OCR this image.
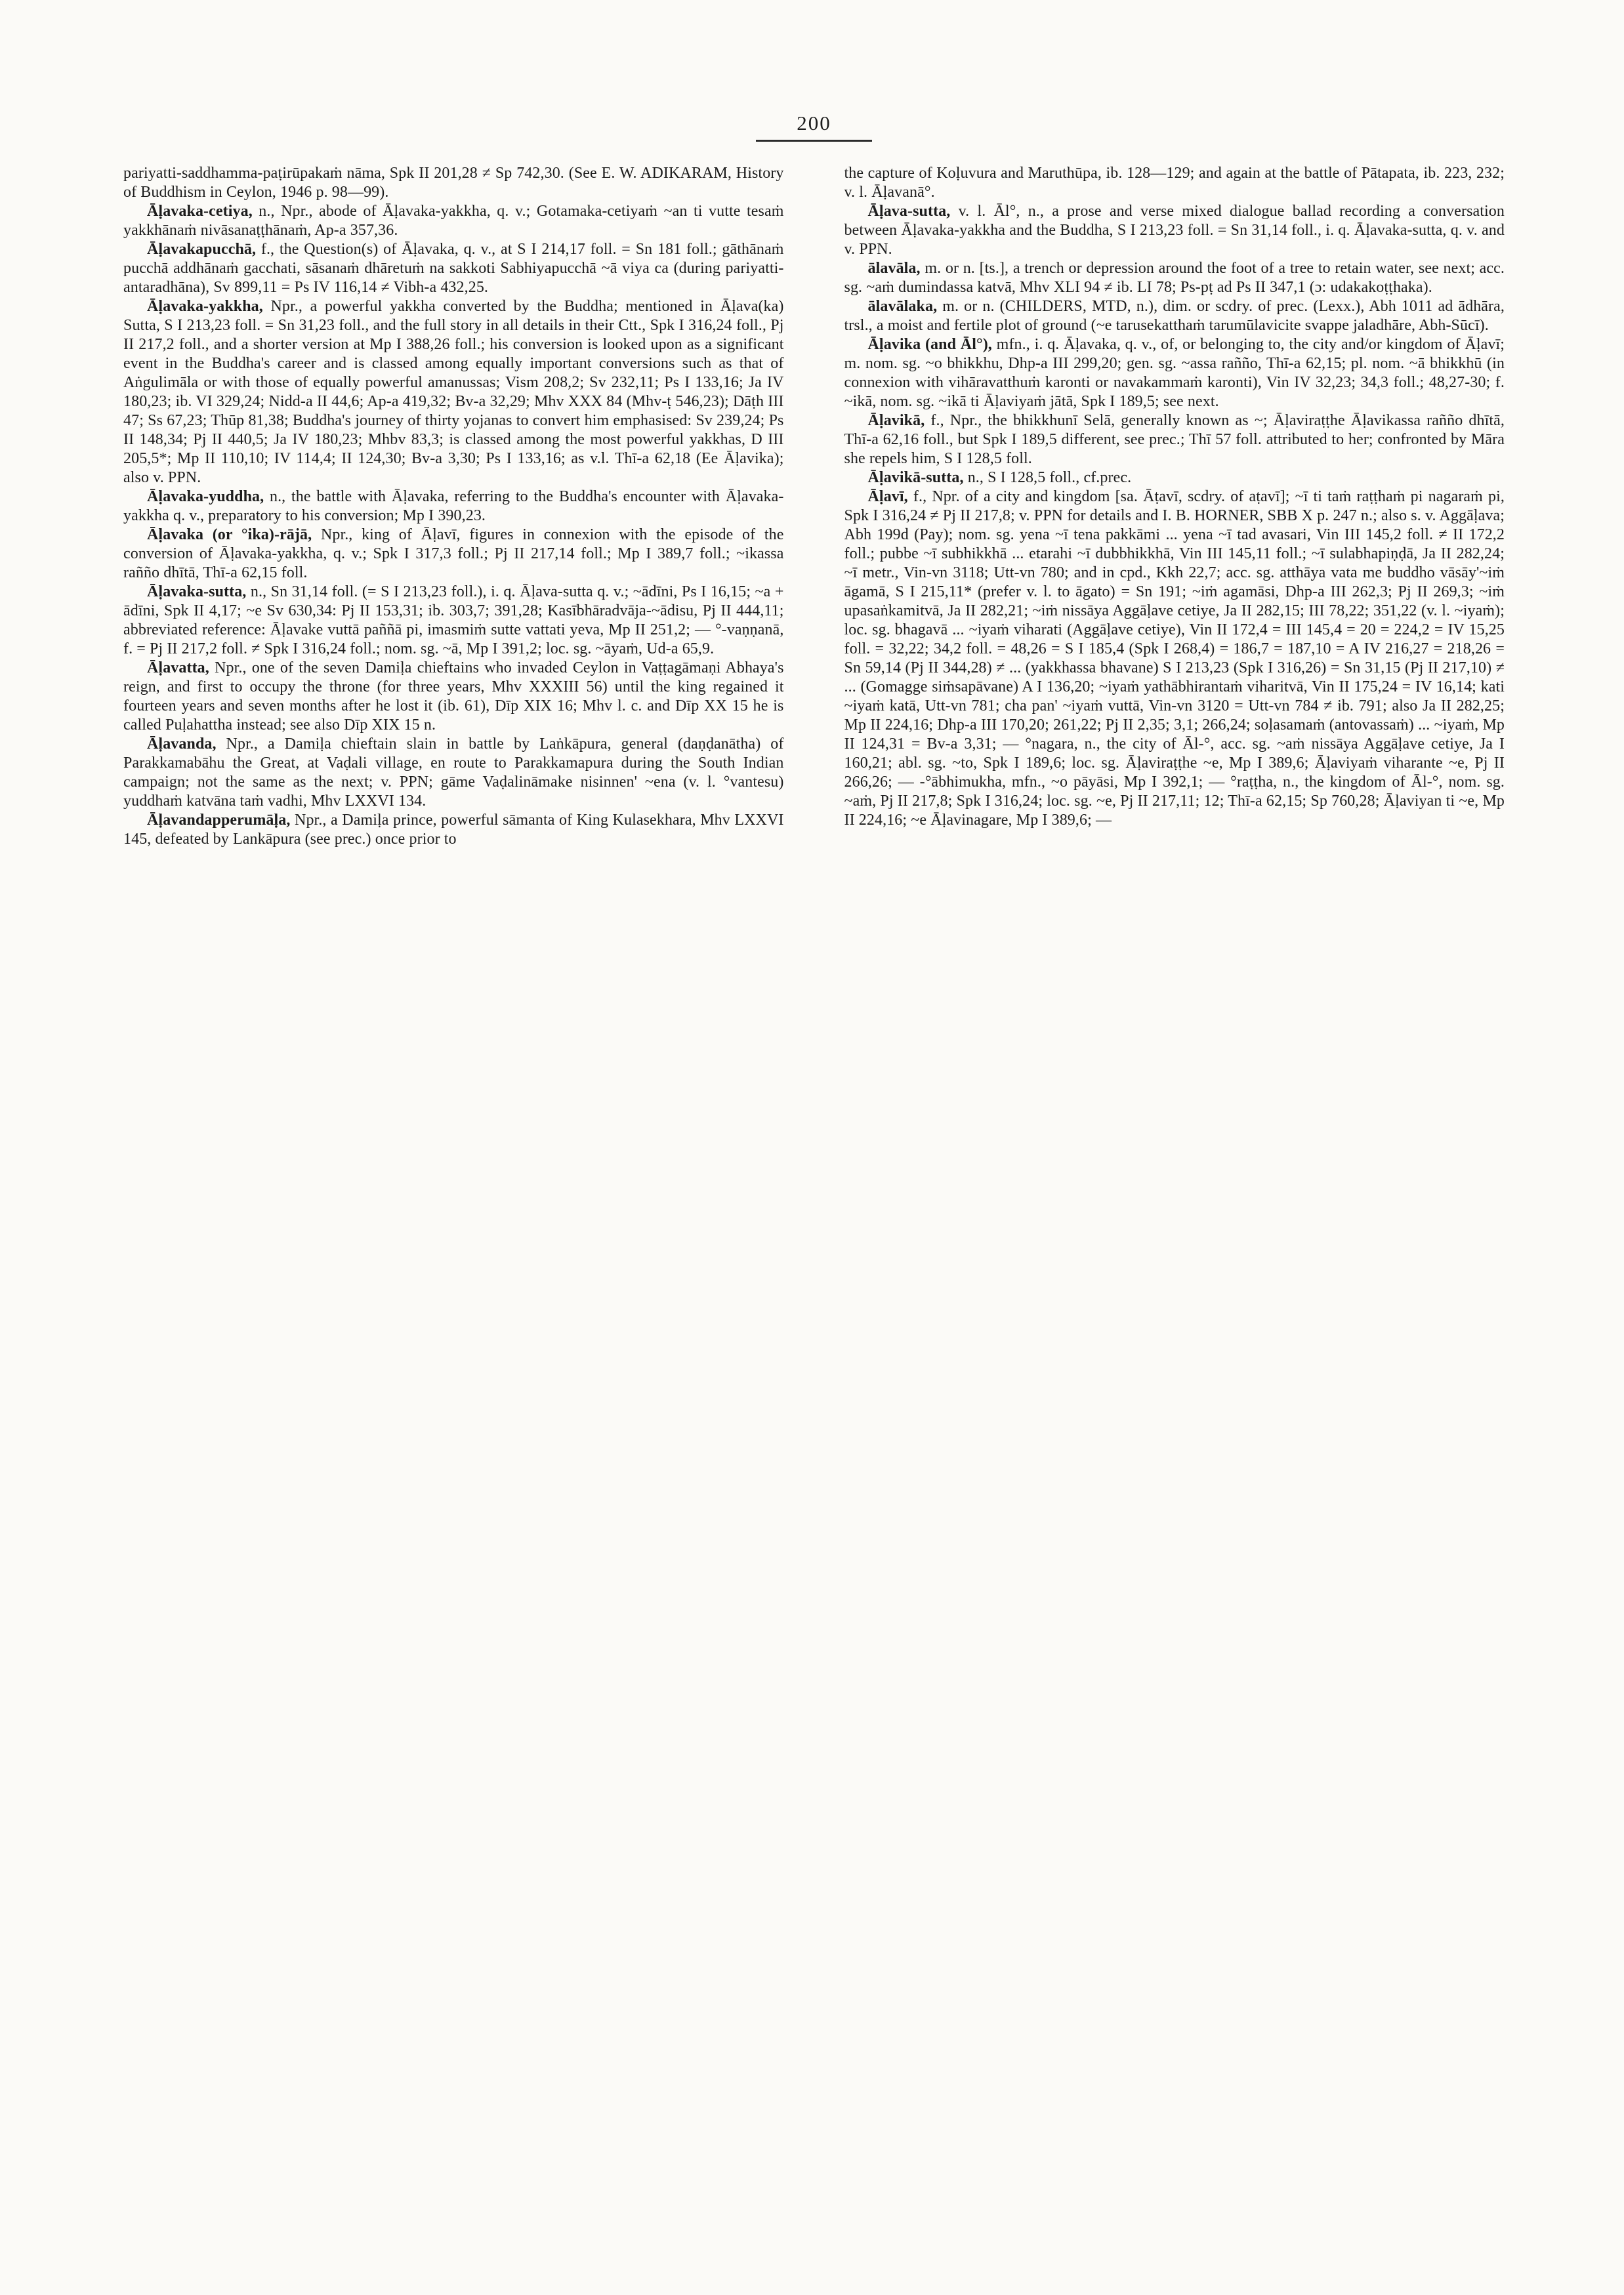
200

pariyatti-saddhamma-paṭirūpakaṁ nāma, Spk II 201,28 ≠ Sp 742,30. (See E. W. ADIKARAM, History of Buddhism in Ceylon, 1946 p. 98—99).

Āḷavaka-cetiya, n., Npr., abode of Āḷavaka-yakkha, q. v.; Gotamaka-cetiyaṁ ~an ti vutte tesaṁ yakkhānaṁ nivāsanaṭṭhānaṁ, Ap-a 357,36.

Āḷavakapucchā, f., the Question(s) of Āḷavaka, q. v., at S I 214,17 foll. = Sn 181 foll.; gāthānaṁ pucchā addhānaṁ gacchati, sāsanaṁ dhāretuṁ na sakkoti Sabhiyapucchā ~ā viya ca (during pariyatti-antaradhāna), Sv 899,11 = Ps IV 116,14 ≠ Vibh-a 432,25.

Āḷavaka-yakkha, Npr., a powerful yakkha converted by the Buddha; mentioned in Āḷava(ka) Sutta, S I 213,23 foll. = Sn 31,23 foll., and the full story in all details in their Ctt., Spk I 316,24 foll., Pj II 217,2 foll., and a shorter version at Mp I 388,26 foll.; his conversion is looked upon as a significant event in the Buddha's career and is classed among equally important conversions such as that of Aṅgulimāla or with those of equally powerful amanussas; Vism 208,2; Sv 232,11; Ps I 133,16; Ja IV 180,23; ib. VI 329,24; Nidd-a II 44,6; Ap-a 419,32; Bv-a 32,29; Mhv XXX 84 (Mhv-ṭ 546,23); Dāṭh III 47; Ss 67,23; Thūp 81,38; Buddha's journey of thirty yojanas to convert him emphasised: Sv 239,24; Ps II 148,34; Pj II 440,5; Ja IV 180,23; Mhbv 83,3; is classed among the most powerful yakkhas, D III 205,5*; Mp II 110,10; IV 114,4; II 124,30; Bv-a 3,30; Ps I 133,16; as v.l. Thī-a 62,18 (Ee Āḷavika); also v. PPN.

Āḷavaka-yuddha, n., the battle with Āḷavaka, referring to the Buddha's encounter with Āḷavaka-yakkha q. v., preparatory to his conversion; Mp I 390,23.

Āḷavaka (or °ika)-rājā, Npr., king of Āḷavī, figures in connexion with the episode of the conversion of Āḷavaka-yakkha, q. v.; Spk I 317,3 foll.; Pj II 217,14 foll.; Mp I 389,7 foll.; ~ikassa rañño dhītā, Thī-a 62,15 foll.

Āḷavaka-sutta, n., Sn 31,14 foll. (= S I 213,23 foll.), i. q. Āḷava-sutta q. v.; ~ādīni, Ps I 16,15; ~a + ādīni, Spk II 4,17; ~e Sv 630,34: Pj II 153,31; ib. 303,7; 391,28; Kasībhāradvāja-~ādisu, Pj II 444,11; abbreviated reference: Āḷavake vuttā paññā pi, imasmiṁ sutte vattati yeva, Mp II 251,2; — °-vaṇṇanā, f. = Pj II 217,2 foll. ≠ Spk I 316,24 foll.; nom. sg. ~ā, Mp I 391,2; loc. sg. ~āyaṁ, Ud-a 65,9.

Āḷavatta, Npr., one of the seven Damiḷa chieftains who invaded Ceylon in Vaṭṭagāmaṇi Abhaya's reign, and first to occupy the throne (for three years, Mhv XXXIII 56) until the king regained it fourteen years and seven months after he lost it (ib. 61), Dīp XIX 16; Mhv l. c. and Dīp XX 15 he is called Puḷahattha instead; see also Dīp XIX 15 n.

Āḷavanda, Npr., a Damiḷa chieftain slain in battle by Laṅkāpura, general (daṇḍanātha) of Parakkamabāhu the Great, at Vaḍali village, en route to Parakkamapura during the South Indian campaign; not the same as the next; v. PPN; gāme Vaḍalināmake nisinnen' ~ena (v. l. °vantesu) yuddhaṁ katvāna taṁ vadhi, Mhv LXXVI 134.

Āḷavandapperumāḷa, Npr., a Damiḷa prince, powerful sāmanta of King Kulasekhara, Mhv LXXVI 145, defeated by Lankāpura (see prec.) once prior to

the capture of Koḷuvura and Maruthūpa, ib. 128—129; and again at the battle of Pātapata, ib. 223, 232; v. l. Āḷavanā°.

Āḷava-sutta, v. l. Āl°, n., a prose and verse mixed dialogue ballad recording a conversation between Āḷavaka-yakkha and the Buddha, S I 213,23 foll. = Sn 31,14 foll., i. q. Āḷavaka-sutta, q. v. and v. PPN.

ālavāla, m. or n. [ts.], a trench or depression around the foot of a tree to retain water, see next; acc. sg. ~aṁ dumindassa katvā, Mhv XLI 94 ≠ ib. LI 78; Ps-pṭ ad Ps II 347,1 (ɔ: udakakoṭṭhaka).

ālavālaka, m. or n. (CHILDERS, MTD, n.), dim. or scdry. of prec. (Lexx.), Abh 1011 ad ādhāra, trsl., a moist and fertile plot of ground (~e tarusekatthaṁ tarumūlavicite svappe jaladhāre, Abh-Sūcī).

Āḷavika (and Āl°), mfn., i. q. Āḷavaka, q. v., of, or belonging to, the city and/or kingdom of Āḷavī; m. nom. sg. ~o bhikkhu, Dhp-a III 299,20; gen. sg. ~assa rañño, Thī-a 62,15; pl. nom. ~ā bhikkhū (in connexion with vihāravatthuṁ karonti or navakammaṁ karonti), Vin IV 32,23; 34,3 foll.; 48,27-30; f. ~ikā, nom. sg. ~ikā ti Āḷaviyaṁ jātā, Spk I 189,5; see next.

Āḷavikā, f., Npr., the bhikkhunī Selā, generally known as ~; Āḷaviraṭṭhe Āḷavikassa rañño dhītā, Thī-a 62,16 foll., but Spk I 189,5 different, see prec.; Thī 57 foll. attributed to her; confronted by Māra she repels him, S I 128,5 foll.

Āḷavikā-sutta, n., S I 128,5 foll., cf.prec.

Āḷavī, f., Npr. of a city and kingdom [sa. Āṭavī, scdry. of aṭavī]; ~ī ti taṁ raṭṭhaṁ pi nagaraṁ pi, Spk I 316,24 ≠ Pj II 217,8; v. PPN for details and I. B. HORNER, SBB X p. 247 n.; also s. v. Aggāḷava; Abh 199d (Pay); nom. sg. yena ~ī tena pakkāmi ... yena ~ī tad avasari, Vin III 145,2 foll. ≠ II 172,2 foll.; pubbe ~ī subhikkhā ... etarahi ~ī dubbhikkhā, Vin III 145,11 foll.; ~ī sulabhapiṇḍā, Ja II 282,24; ~ī metr., Vin-vn 3118; Utt-vn 780; and in cpd., Kkh 22,7; acc. sg. atthāya vata me buddho vāsāy'~iṁ āgamā, S I 215,11* (prefer v. l. to āgato) = Sn 191; ~iṁ agamāsi, Dhp-a III 262,3; Pj II 269,3; ~iṁ upasaṅkamitvā, Ja II 282,21; ~iṁ nissāya Aggāḷave cetiye, Ja II 282,15; III 78,22; 351,22 (v. l. ~iyaṁ); loc. sg. bhagavā ... ~iyaṁ viharati (Aggāḷave cetiye), Vin II 172,4 = III 145,4 = 20 = 224,2 = IV 15,25 foll. = 32,22; 34,2 foll. = 48,26 = S I 185,4 (Spk I 268,4) = 186,7 = 187,10 = A IV 216,27 = 218,26 = Sn 59,14 (Pj II 344,28) ≠ ... (yakkhassa bhavane) S I 213,23 (Spk I 316,26) = Sn 31,15 (Pj II 217,10) ≠ ... (Gomagge siṁsapāvane) A I 136,20; ~iyaṁ yathābhirantaṁ viharitvā, Vin II 175,24 = IV 16,14; kati ~iyaṁ katā, Utt-vn 781; cha pan' ~iyaṁ vuttā, Vin-vn 3120 = Utt-vn 784 ≠ ib. 791; also Ja II 282,25; Mp II 224,16; Dhp-a III 170,20; 261,22; Pj II 2,35; 3,1; 266,24; soḷasamaṁ (antovassaṁ) ... ~iyaṁ, Mp II 124,31 = Bv-a 3,31; — °nagara, n., the city of Āl-°, acc. sg. ~aṁ nissāya Aggāḷave cetiye, Ja I 160,21; abl. sg. ~to, Spk I 189,6; loc. sg. Āḷaviraṭṭhe ~e, Mp I 389,6; Āḷaviyaṁ viharante ~e, Pj II 266,26; — -°ābhimukha, mfn., ~o pāyāsi, Mp I 392,1; — °raṭṭha, n., the kingdom of Āl-°, nom. sg. ~aṁ, Pj II 217,8; Spk I 316,24; loc. sg. ~e, Pj II 217,11; 12; Thī-a 62,15; Sp 760,28; Āḷaviyan ti ~e, Mp II 224,16; ~e Āḷavinagare, Mp I 389,6; —
